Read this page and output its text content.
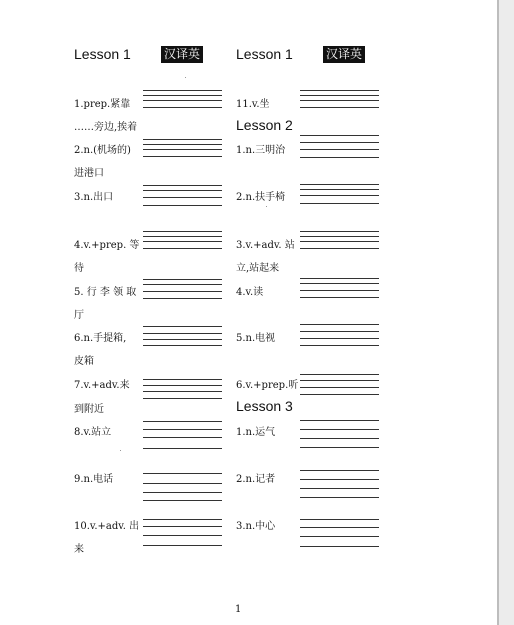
Lesson 1	汉译英	Lesson 1	汉译英
1.prep.紧靠
……旁边,挨着
2.n.(机场的)
进港口
3.n.出口
4.v.+prep. 等
待
5. 行 李 领 取
厅
6.n.手提箱,
皮箱
7.v.+adv.来
到附近
8.v.站立
9.n.电话
10.v.+adv. 出
来
11.v.坐
Lesson 2
1.n.三明治
2.n.扶手椅
3.v.+adv. 站
立,站起来
4.v.读
5.n.电视
6.v.+prep.听
Lesson 3
1.n.运气
2.n.记者
3.n.中心
1
